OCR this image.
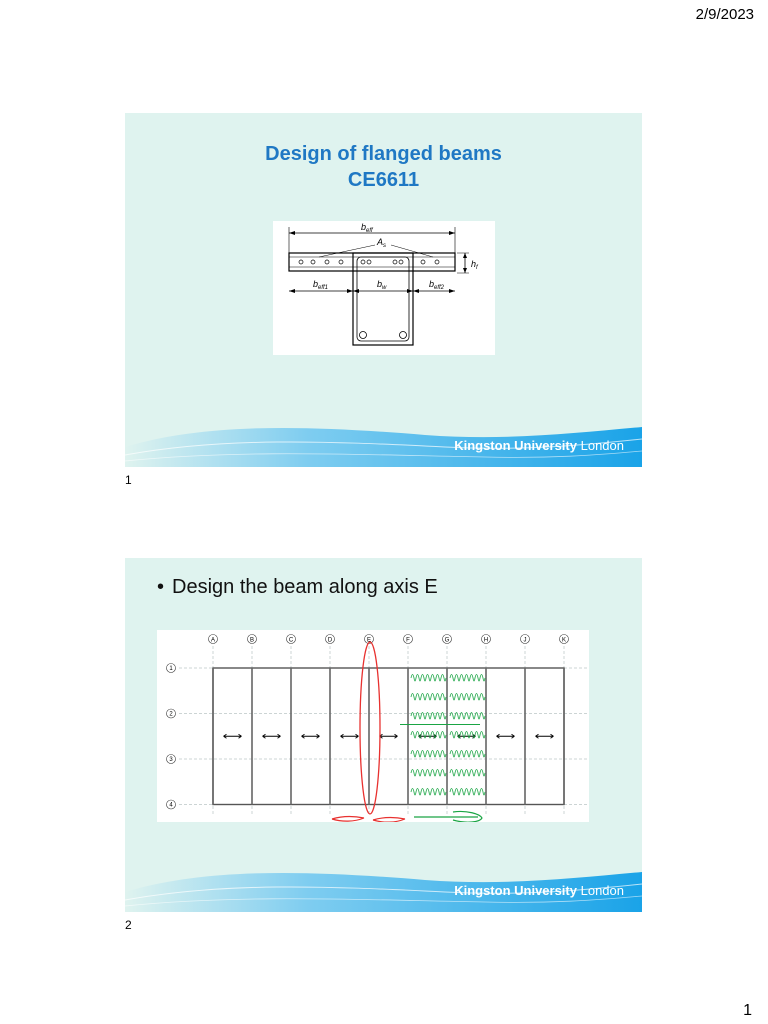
2/9/2023
Design of flanged beams
CE6611
$b_{eff}$
$A_s$
$h_f$
$b_{eff1}$	$b_w$	$b_{eff2}$
Kingston University London
1
• Design the beam along axis E
A	B	C	D	E	F	G	H	J	K
1
2
3
4
Kingston University London
2
1
